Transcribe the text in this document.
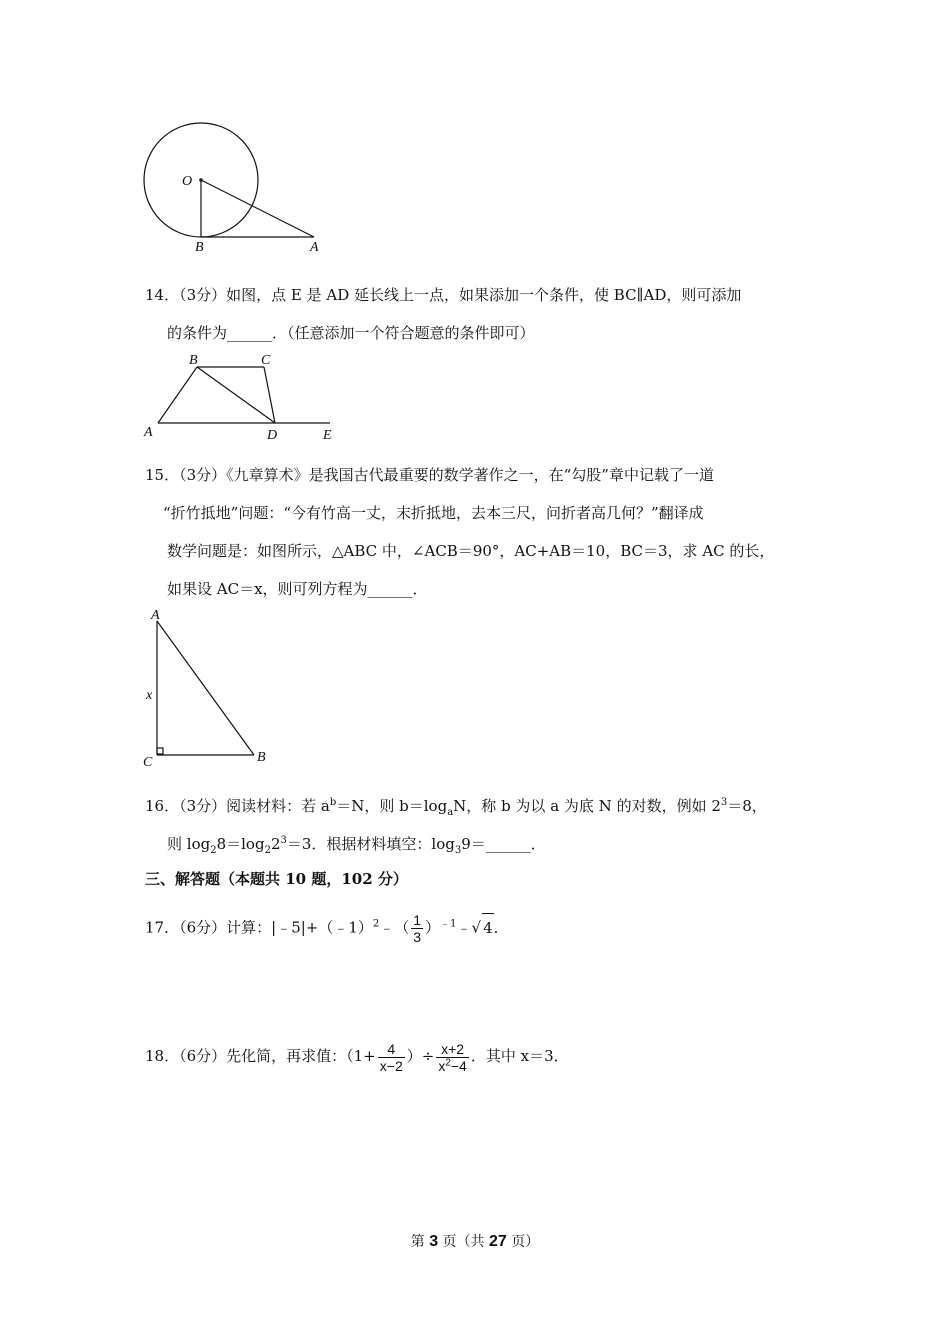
O
B	A
14．（3分）如图，点 E 是 AD 延长线上一点，如果添加一个条件，使 BC∥AD，则可添加
的条件为______．（任意添加一个符合题意的条件即可）
B	C
A	D	E
15．（3分）《九章算术》是我国古代最重要的数学著作之一，在“勾股”章中记载了一道
“折竹抵地”问题：“今有竹高一丈，末折抵地，去本三尺，问折者高几何？”翻译成
数学问题是：如图所示，△ABC 中，∠ACB＝90°，AC+AB＝10，BC＝3，求 AC 的长，
如果设 AC＝x，则可列方程为______．
A
x
C	B
16．（3分）阅读材料：若 $a^b=N$，则 $b=\log_aN$，称 b 为以 a 为底 N 的对数，例如 $2^3=8$，
则 $\log_28=\log_22^3=3$．根据材料填空：$\log_39=\_\_\_\_\_\_$．
三、解答题（本题共 10 题，102 分）
17．（6分）计算：|﹣5|+（﹣1）$^2$﹣（ $\frac{1}{3}$ ）$^{﹣1}$﹣√ 4．
18．（6分）先化简，再求值：（$1+ \frac{4}{x-2}$ ）÷ $\frac{x+2}{x^2-4}$ ．其中 x＝3．
第 3 页（共 27 页）
